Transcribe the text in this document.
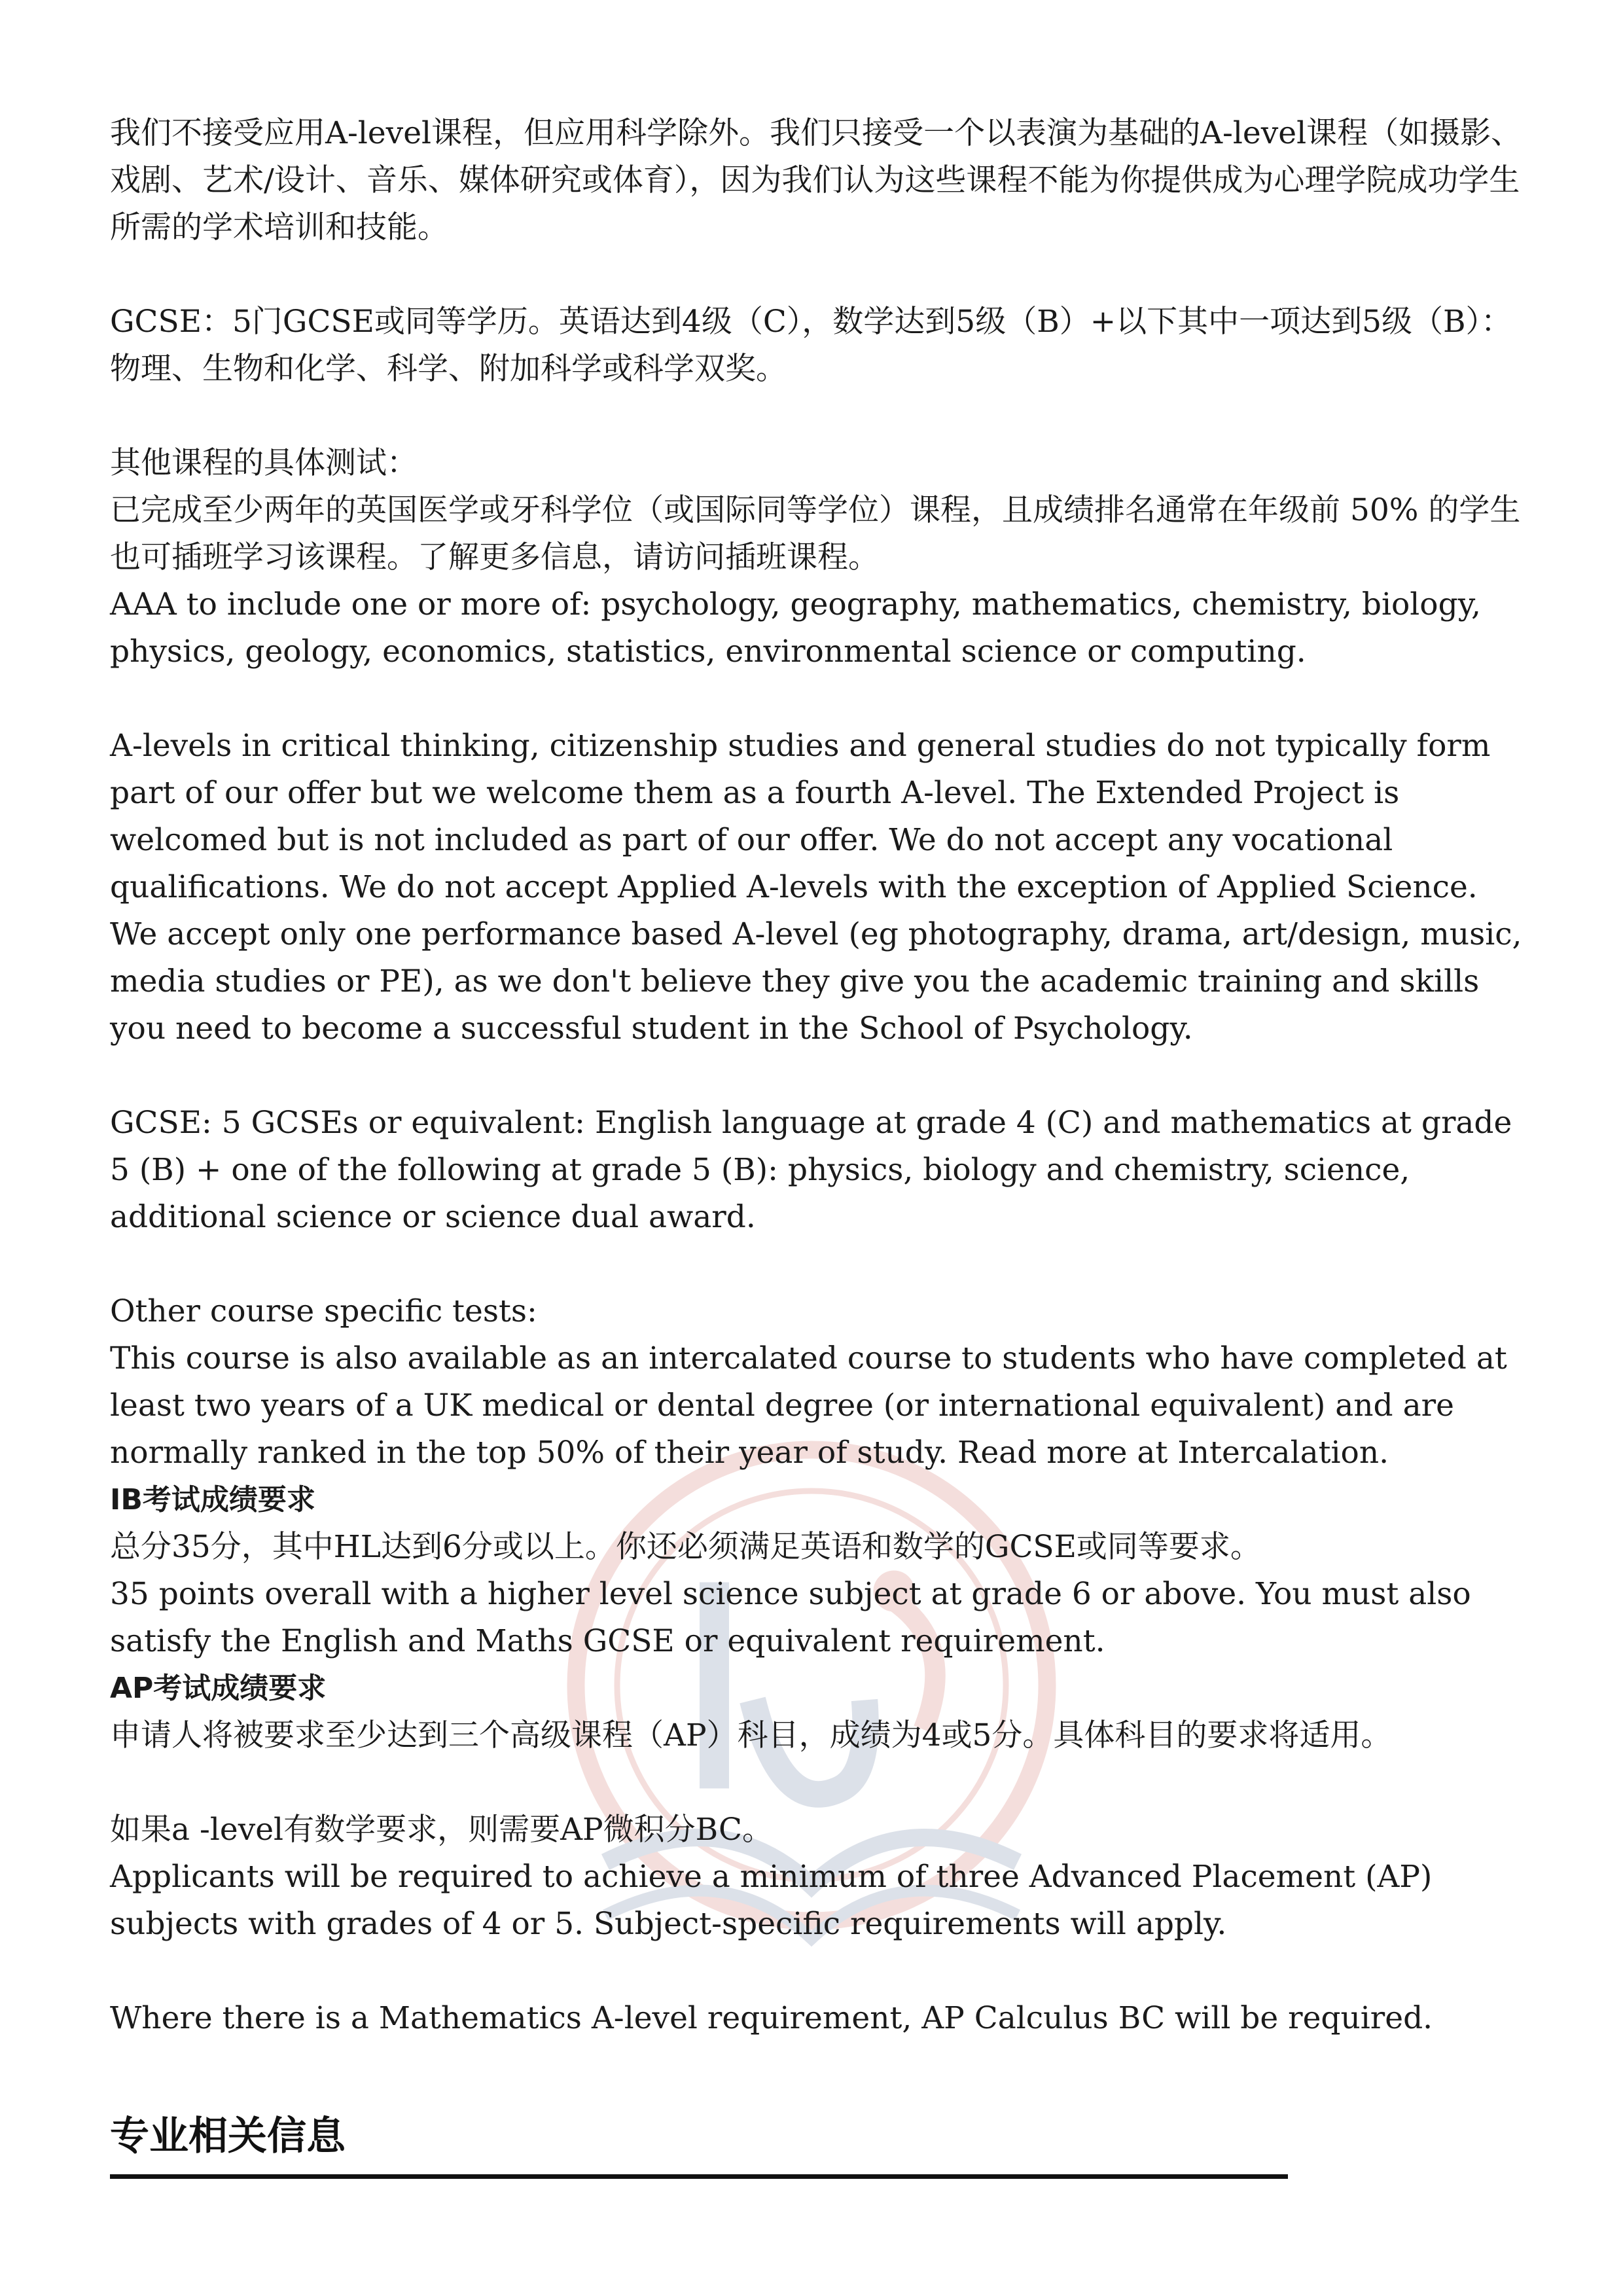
我们不接受应用A-level课程，但应用科学除外。我们只接受一个以表演为基础的A-level课程（如摄影、戏剧、艺术/设计、音乐、媒体研究或体育），因为我们认为这些课程不能为你提供成为心理学院成功学生所需的学术培训和技能。

GCSE：5门GCSE或同等学历。英语达到4级（C），数学达到5级（B）+以下其中一项达到5级（B）：物理、生物和化学、科学、附加科学或科学双奖。

其他课程的具体测试：

已完成至少两年的英国医学或牙科学位（或国际同等学位）课程，且成绩排名通常在年级前 50% 的学生也可插班学习该课程。了解更多信息，请访问插班课程。

AAA to include one or more of: psychology, geography, mathematics, chemistry, biology, physics, geology, economics, statistics, environmental science or computing.

A-levels in critical thinking, citizenship studies and general studies do not typically form part of our offer but we welcome them as a fourth A-level. The Extended Project is welcomed but is not included as part of our offer. We do not accept any vocational qualifications. We do not accept Applied A-levels with the exception of Applied Science. We accept only one performance based A-level (eg photography, drama, art/design, music, media studies or PE), as we don't believe they give you the academic training and skills you need to become a successful student in the School of Psychology.

GCSE: 5 GCSEs or equivalent: English language at grade 4 (C) and mathematics at grade 5 (B) + one of the following at grade 5 (B): physics, biology and chemistry, science, additional science or science dual award.

Other course specific tests:

This course is also available as an intercalated course to students who have completed at least two years of a UK medical or dental degree (or international equivalent) and are normally ranked in the top 50% of their year of study. Read more at Intercalation.

IB考试成绩要求

总分35分，其中HL达到6分或以上。你还必须满足英语和数学的GCSE或同等要求。

35 points overall with a higher level science subject at grade 6 or above. You must also satisfy the English and Maths GCSE or equivalent requirement.

AP考试成绩要求

申请人将被要求至少达到三个高级课程（AP）科目，成绩为4或5分。具体科目的要求将适用。

如果a -level有数学要求，则需要AP微积分BC。

Applicants will be required to achieve a minimum of three Advanced Placement (AP) subjects with grades of 4 or 5. Subject-specific requirements will apply.

Where there is a Mathematics A-level requirement, AP Calculus BC will be required.

专业相关信息
